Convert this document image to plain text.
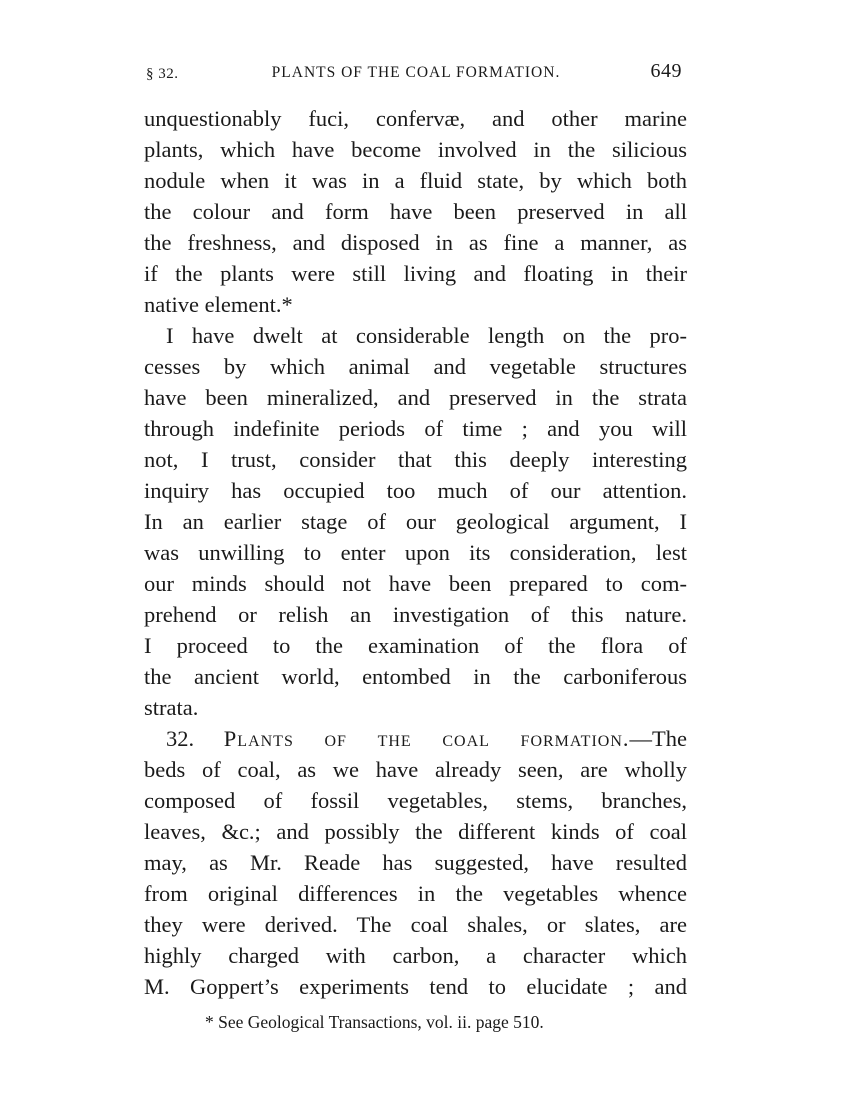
§ 32.	PLANTS OF THE COAL FORMATION.	649
unquestionably fuci, confervæ, and other marine
plants, which have become involved in the silicious
nodule when it was in a fluid state, by which both
the colour and form have been preserved in all
the freshness, and disposed in as fine a manner, as
if the plants were still living and floating in their
native element.*
I have dwelt at considerable length on the pro-
cesses by which animal and vegetable structures
have been mineralized, and preserved in the strata
through indefinite periods of time ; and you will
not, I trust, consider that this deeply interesting
inquiry has occupied too much of our attention.
In an earlier stage of our geological argument, I
was unwilling to enter upon its consideration, lest
our minds should not have been prepared to com-
prehend or relish an investigation of this nature.
I proceed to the examination of the flora of
the ancient world, entombed in the carboniferous
strata.
32. Plants of the coal formation.—The
beds of coal, as we have already seen, are wholly
composed of fossil vegetables, stems, branches,
leaves, &c.; and possibly the different kinds of coal
may, as Mr. Reade has suggested, have resulted
from original differences in the vegetables whence
they were derived. The coal shales, or slates, are
highly charged with carbon, a character which
M. Goppert’s experiments tend to elucidate ; and
* See Geological Transactions, vol. ii. page 510.
